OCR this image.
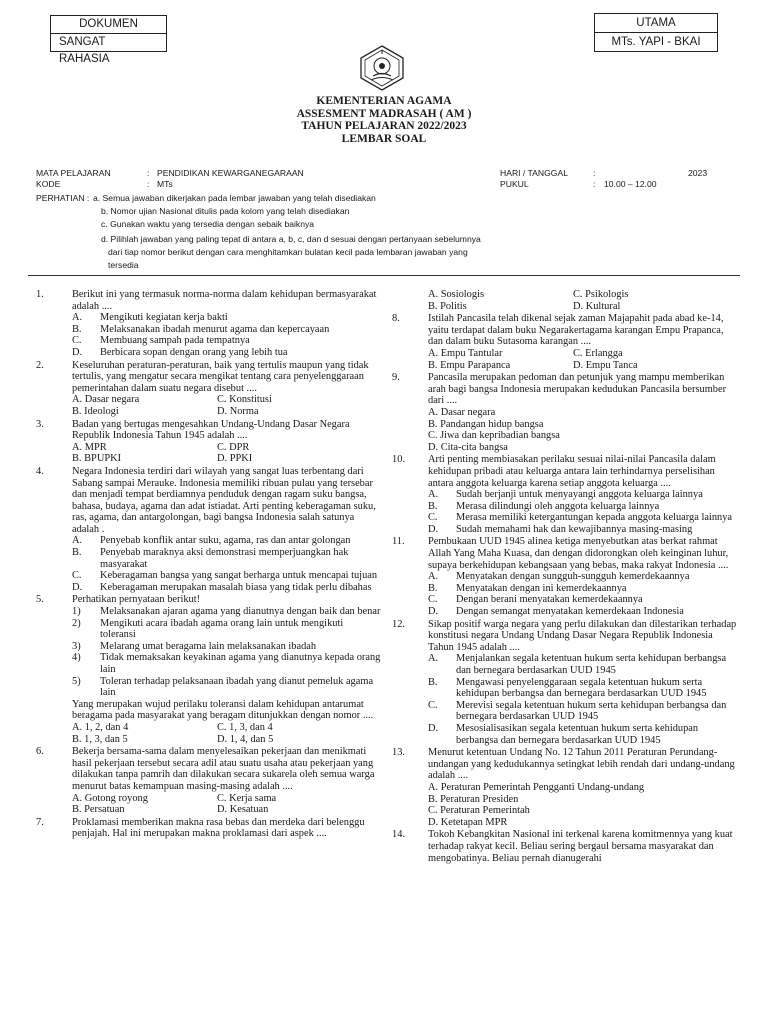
DOKUMEN
SANGAT RAHASIA
UTAMA
MTs. YAPI - BKAI
KEMENTERIAN AGAMA
ASSESMENT MADRASAH ( AM )
TAHUN PELAJARAN 2022/2023
LEMBAR SOAL
MATA PELAJARAN	: PENDIDIKAN KEWARGANEGARAAN
KODE	: MTs
HARI / TANGGAL	:	2023
PUKUL	: 10.00 – 12.00
PERHATIAN : a. Semua jawaban dikerjakan pada lembar jawaban yang telah disediakan
b. Nomor ujian Nasional ditulis pada kolom yang telah disediakan
c. Gunakan waktu yang tersedia dengan sebaik baiknya
d. Pilihlah jawaban yang paling tepat di antara a, b, c, dan d sesuai dengan pertanyaan sebelumnya
dari tiap nomor berikut dengan cara menghitamkan bulatan kecil pada lembaran jawaban yang
tersedia
1.	Berikut ini yang termasuk norma-norma dalam kehidupan bermasyarakat adalah ....
A.	Mengikuti kegiatan kerja bakti
B.	Melaksanakan ibadah menurut agama dan kepercayaan
C.	Membuang sampah pada tempatnya
D.	Berbicara sopan dengan orang yang lebih tua
2.	Keseluruhan peraturan-peraturan, baik yang tertulis maupun yang tidak tertulis, yang mengatur secara mengikat tentang cara penyelenggaraan pemerintahan dalam suatu negara disebut ....
A. Dasar negara	C. Konstitusi
B. Ideologi	D. Norma
3.	Badan yang bertugas mengesahkan Undang-Undang Dasar Negara Republik Indonesia Tahun 1945 adalah ....
A. MPR	C. DPR
B. BPUPKI	D. PPKI
4.	Negara Indonesia terdiri dari wilayah yang sangat luas terbentang dari Sabang sampai Merauke. Indonesia memiliki ribuan pulau yang tersebar dan menjadi tempat berdiamnya penduduk dengan ragam suku bangsa, bahasa, budaya, agama dan adat istiadat. Arti penting keberagaman suku, ras, agama, dan antargolongan, bagi bangsa Indonesia salah satunya adalah .
A.	Penyebab konflik antar suku, agama, ras dan antar golongan
B.	Penyebab maraknya aksi demonstrasi memperjuangkan hak masyarakat
C.	Keberagaman bangsa yang sangat berharga untuk mencapai tujuan
D.	Keberagaman merupakan masalah biasa yang tidak perlu dibahas
5.	Perhatikan pernyataan berikut!
1)	Melaksanakan ajaran agama yang dianutnya dengan baik dan benar
2)	Mengikuti acara ibadah agama orang lain untuk mengikuti toleransi
3)	Melarang umat beragama lain melaksanakan ibadah
4)	Tidak memaksakan keyakinan agama yang dianutnya kepada orang lain
5)	Toleran terhadap pelaksanaan ibadah yang dianut pemeluk agama lain
Yang merupakan wujud perilaku toleransi dalam kehidupan antarumat beragama pada masyarakat yang beragam ditunjukkan dengan nomor ....
A. 1, 2, dan 4	C. 1, 3, dan 4
B. 1, 3, dan 5	D. 1, 4, dan 5
6.	Bekerja bersama-sama dalam menyelesaikan pekerjaan dan menikmati hasil pekerjaan tersebut secara adil atau suatu usaha atau pekerjaan yang dilakukan tanpa pamrih dan dilakukan secara sukarela oleh semua warga menurut batas kemampuan masing-masing adalah ....
A. Gotong royong	C. Kerja sama
B. Persatuan	D. Kesatuan
7.	Proklamasi memberikan makna rasa bebas dan merdeka dari belenggu penjajah. Hal ini merupakan makna proklamasi dari aspek ....
A. Sosiologis	C. Psikologis
B. Politis	D. Kultural
8.	Istilah Pancasila telah dikenal sejak zaman Majapahit pada abad ke-14, yaitu terdapat dalam buku Negarakertagama karangan Empu Prapanca, dan dalam buku Sutasoma karangan ....
A. Empu Tantular	C. Erlangga
B. Empu Parapanca	D. Empu Tanca
9.	Pancasila merupakan pedoman dan petunjuk yang mampu memberikan arah bagi bangsa Indonesia merupakan kedudukan Pancasila bersumber dari ....
A. Dasar negara
B. Pandangan hidup bangsa
C. Jiwa dan kepribadian bangsa
D. Cita-cita bangsa
10.	Arti penting membiasakan perilaku sesuai nilai-nilai Pancasila dalam kehidupan pribadi atau keluarga antara lain terhindarnya perselisihan antara anggota keluarga karena setiap anggota keluarga ....
A.	Sudah berjanji untuk menyayangi anggota keluarga lainnya
B.	Merasa dilindungi oleh anggota keluarga lainnya
C.	Merasa memiliki ketergantungan kepada anggota keluarga lainnya
D.	Sudah memahami hak dan kewajibannya masing-masing
11.	Pembukaan UUD 1945 alinea ketiga menyebutkan atas berkat rahmat Allah Yang Maha Kuasa, dan dengan didorongkan oleh keinginan luhur, supaya berkehidupan kebangsaan yang bebas, maka rakyat Indonesia ....
A.	Menyatakan dengan sungguh-sungguh kemerdekaannya
B.	Menyatakan dengan ini kemerdekaannya
C.	Dengan berani menyatakan kemerdekaannya
D.	Dengan semangat menyatakan kemerdekaan Indonesia
12.	Sikap positif warga negara yang perlu dilakukan dan dilestarikan terhadap konstitusi negara Undang Undang Dasar Negara Republik Indonesia Tahun 1945 adalah ....
A.	Menjalankan segala ketentuan hukum serta kehidupan berbangsa dan bernegara berdasarkan UUD 1945
B.	Mengawasi penyelenggaraan segala ketentuan hukum serta kehidupan berbangsa dan bernegara berdasarkan UUD 1945
C.	Merevisi segala ketentuan hukum serta kehidupan berbangsa dan bernegara berdasarkan UUD 1945
D.	Mesosialisasikan segala ketentuan hukum serta kehidupan berbangsa dan bernegara berdasarkan UUD 1945
13.	Menurut ketentuan Undang No. 12 Tahun 2011 Peraturan Perundang-undangan yang kedudukannya setingkat lebih rendah dari undang-undang adalah ....
A. Peraturan Pemerintah Pengganti Undang-undang
B. Peraturan Presiden
C. Peraturan Pemerintah
D. Ketetapan MPR
14.	Tokoh Kebangkitan Nasional ini terkenal karena komitmennya yang kuat terhadap rakyat kecil. Beliau sering bergaul bersama masyarakat dan mengobatinya. Beliau pernah dianugerahi
